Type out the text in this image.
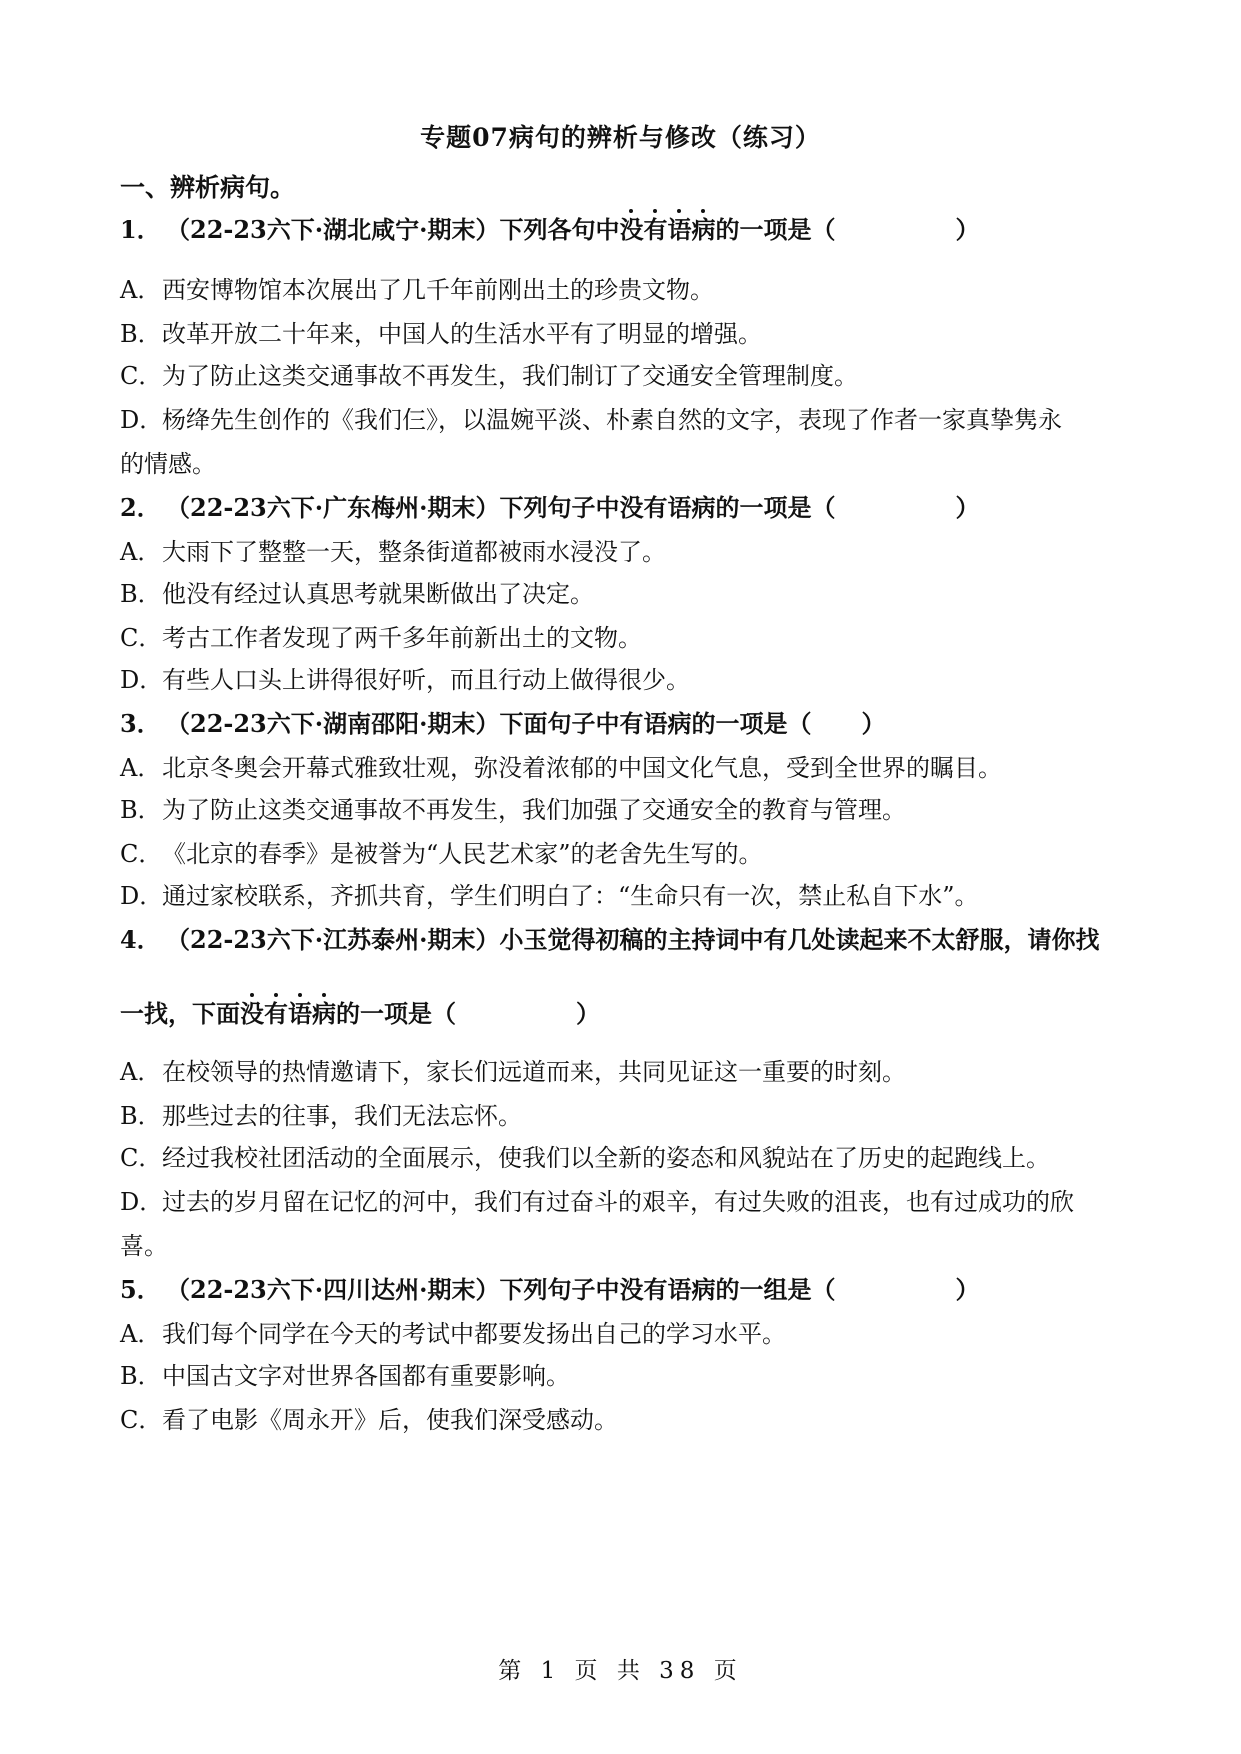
专题07病句的辨析与修改（练习）
一、辨析病句。
1． （22-23六下·湖北咸宁·期末）下列各句中没有语病的一项是（	）
A．西安博物馆本次展出了几千年前刚出土的珍贵文物。
B．改革开放二十年来，中国人的生活水平有了明显的增强。
C．为了防止这类交通事故不再发生，我们制订了交通安全管理制度。
D．杨绛先生创作的《我们仨》，以温婉平淡、朴素自然的文字，表现了作者一家真挚隽永
的情感。
2． （22-23六下·广东梅州·期末）下列句子中没有语病的一项是（	）
A．大雨下了整整一天，整条街道都被雨水浸没了。
B．他没有经过认真思考就果断做出了决定。
C．考古工作者发现了两千多年前新出土的文物。
D．有些人口头上讲得很好听，而且行动上做得很少。
3． （22-23六下·湖南邵阳·期末）下面句子中有语病的一项是（ ）
A．北京冬奥会开幕式雅致壮观，弥没着浓郁的中国文化气息，受到全世界的瞩目。
B．为了防止这类交通事故不再发生，我们加强了交通安全的教育与管理。
C．《北京的春季》是被誉为“人民艺术家”的老舍先生写的。
D．通过家校联系，齐抓共育，学生们明白了：“生命只有一次，禁止私自下水”。
4． （22-23六下·江苏泰州·期末）小玉觉得初稿的主持词中有几处读起来不太舒服，请你找
一找，下面没有语病的一项是（	）
A．在校领导的热情邀请下，家长们远道而来，共同见证这一重要的时刻。
B．那些过去的往事，我们无法忘怀。
C．经过我校社团活动的全面展示，使我们以全新的姿态和风貌站在了历史的起跑线上。
D．过去的岁月留在记忆的河中，我们有过奋斗的艰辛，有过失败的沮丧，也有过成功的欣
喜。
5． （22-23六下·四川达州·期末）下列句子中没有语病的一组是（	）
A．我们每个同学在今天的考试中都要发扬出自己的学习水平。
B．中国古文字对世界各国都有重要影响。
C．看了电影《周永开》后，使我们深受感动。
第 1 页 共 38 页
